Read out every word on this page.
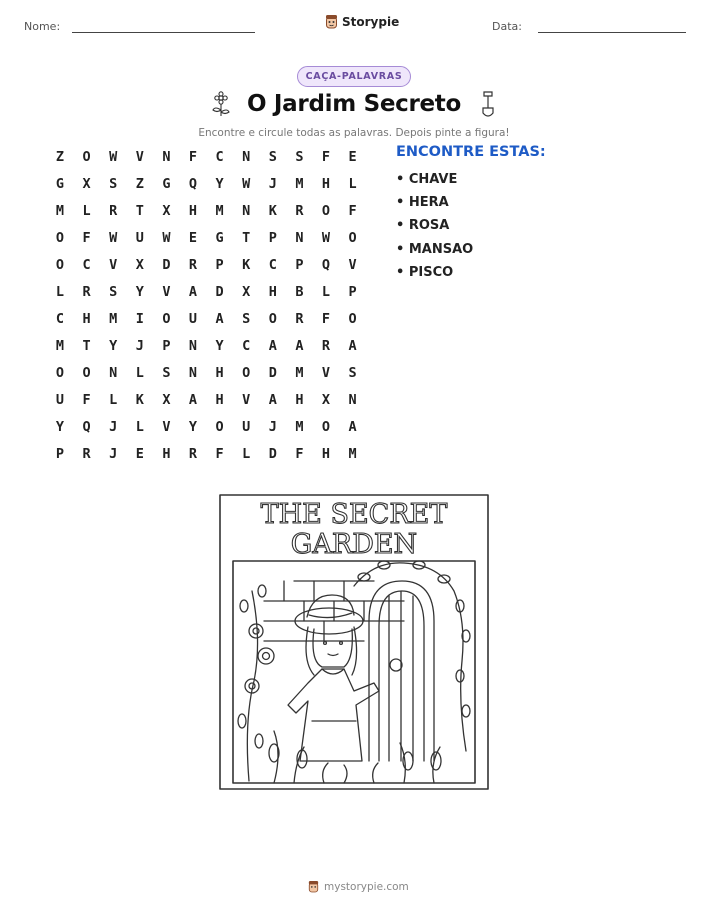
Nome:	Data:
Storypie
CAÇA-PALAVRAS
O Jardim Secreto
Encontre e circule todas as palavras. Depois pinte a figura!
Z	O	W	V	N	F	C	N	S	S	F	E
G	X	S	Z	G	Q	Y	W	J	M	H	L
M	L	R	T	X	H	M	N	K	R	O	F
O	F	W	U	W	E	G	T	P	N	W	O
O	C	V	X	D	R	P	K	C	P	Q	V
L	R	S	Y	V	A	D	X	H	B	L	P
C	H	M	I	O	U	A	S	O	R	F	O
M	T	Y	J	P	N	Y	C	A	A	R	A
O	O	N	L	S	N	H	O	D	M	V	S
U	F	L	K	X	A	H	V	A	H	X	N
Y	Q	J	L	V	Y	O	U	J	M	O	A
P	R	J	E	H	R	F	L	D	F	H	M
ENCONTRE ESTAS:
• CHAVE
• HERA
• ROSA
• MANSAO
• PISCO
THE SECRET
GARDEN
mystorypie.com
